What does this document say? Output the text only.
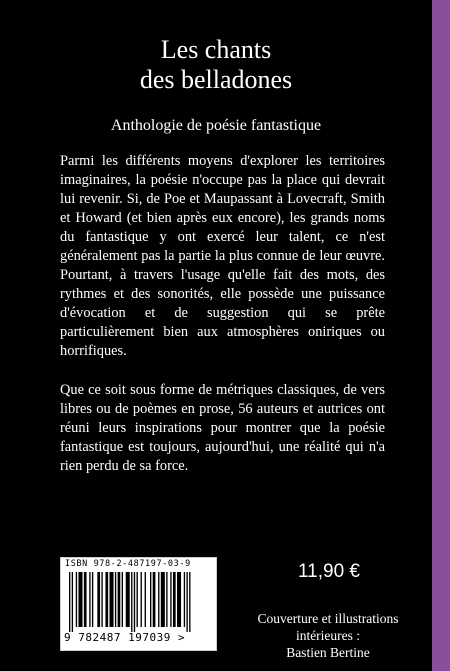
Les chants
des belladones
Anthologie de poésie fantastique

Parmi les différents moyens d'explorer les territoires imaginaires, la poésie n'occupe pas la place qui devrait lui revenir. Si, de Poe et Maupassant à Lovecraft, Smith et Howard (et bien après eux encore), les grands noms du fantastique y ont exercé leur talent, ce n'est généralement pas la partie la plus connue de leur œuvre. Pourtant, à travers l'usage qu'elle fait des mots, des rythmes et des sonorités, elle possède une puissance d'évocation et de suggestion qui se prête particulièrement bien aux atmosphères oniriques ou horrifiques.

Que ce soit sous forme de métriques classiques, de vers libres ou de poèmes en prose, 56 auteurs et autrices ont réuni leurs inspirations pour montrer que la poésie fantastique est toujours, aujourd'hui, une réalité qui n'a rien perdu de sa force.

ISBN 978-2-487197-03-9
9 782487 197039 >
11,90 €
Couverture et illustrations
intérieures :
Bastien Bertine
